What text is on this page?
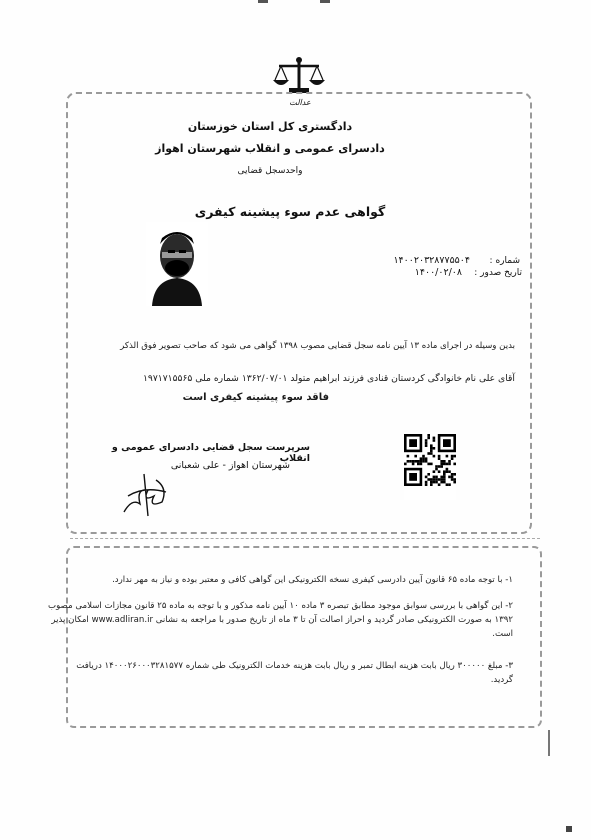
عدالت
دادگستری کل استان خوزستان
دادسرای عمومی و انقلاب شهرستان اهواز
واحدسجل قضایی
گواهی عدم سوء پیشینه کیفری
شماره :
۱۴۰۰۲۰۳۲۸۷۷۵۵۰۴
تاریخ صدور :
۱۴۰۰/۰۲/۰۸
بدین وسیله در اجرای ماده ۱۳ آیین نامه سجل قضایی مصوب ۱۳۹۸ گواهی می شود که صاحب تصویر فوق الذکر
آقای علی نام خانوادگی کردستان قنادی فرزند ابراهیم متولد ۱۳۶۲/۰۷/۰۱ شماره ملی ۱۹۷۱۷۱۵۵۶۵
فاقد سوء پیشینه کیفری است
سرپرست سجل قضایی دادسرای عمومی و انقلاب
شهرستان اهواز - علی شعبانی
۱- با توجه ماده ۶۵ قانون آیین دادرسی کیفری نسخه الکترونیکی این گواهی کافی و معتبر بوده و نیاز به مهر ندارد.
۲- این گواهی با بررسی سوابق موجود مطابق تبصره ۳ ماده ۱۰ آیین نامه مذکور و با توجه به ماده ۲۵ قانون مجازات اسلامی مصوب
۱۳۹۲ به صورت الکترونیکی صادر گردید و احراز اصالت آن تا ۳ ماه از تاریخ صدور با مراجعه به نشانی www.adliran.ir امکان پذیر
است.
۳- مبلغ ۳۰۰۰۰۰ ریال بابت هزینه ابطال تمبر و ریال بابت هزینه خدمات الکترونیک طی شماره ۱۴۰۰۰۲۶۰۰۰۳۲۸۱۵۷۷ دریافت
گردید.
